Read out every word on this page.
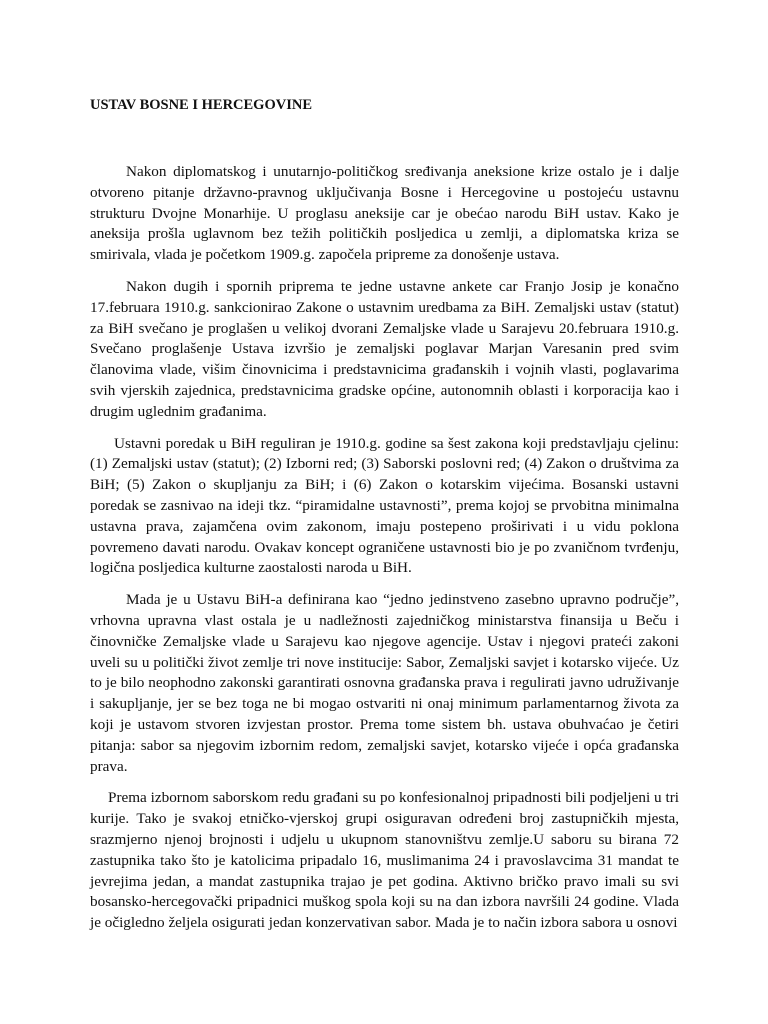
USTAV BOSNE I HERCEGOVINE

Nakon diplomatskog i unutarnjo-političkog sređivanja aneksione krize ostalo je i dalje otvoreno pitanje državno-pravnog uključivanja Bosne i Hercegovine u postojeću ustavnu strukturu Dvojne Monarhije. U proglasu aneksije car je obećao narodu BiH ustav. Kako je aneksija prošla uglavnom bez težih političkih posljedica u zemlji, a diplomatska kriza se smirivala, vlada je početkom 1909.g. započela pripreme za donošenje ustava.

Nakon dugih i spornih priprema te jedne ustavne ankete car Franjo Josip je konačno 17.februara 1910.g. sankcionirao Zakone o ustavnim uredbama za BiH. Zemaljski ustav (statut) za BiH svečano je proglašen u velikoj dvorani Zemaljske vlade u Sarajevu 20.februara 1910.g. Svečano proglašenje Ustava izvršio je zemaljski poglavar Marjan Varesanin pred svim članovima vlade, višim činovnicima i predstavnicima građanskih i vojnih vlasti, poglavarima svih vjerskih zajednica, predstavnicima gradske općine, autonomnih oblasti i korporacija kao i drugim uglednim građanima.

Ustavni poredak u BiH reguliran je 1910.g. godine sa šest zakona koji predstavljaju cjelinu: (1) Zemaljski ustav (statut); (2) Izborni red; (3) Saborski poslovni red; (4) Zakon o društvima za BiH; (5) Zakon o skupljanju za BiH; i (6) Zakon o kotarskim vijećima. Bosanski ustavni poredak se zasnivao na ideji tkz. “piramidalne ustavnosti”, prema kojoj se prvobitna minimalna ustavna prava, zajamčena ovim zakonom, imaju postepeno proširivati i u vidu poklona povremeno davati narodu. Ovakav koncept ograničene ustavnosti bio je po zvaničnom tvrđenju, logična posljedica kulturne zaostalosti naroda u BiH.

Mada je u Ustavu BiH-a definirana kao “jedno jedinstveno zasebno upravno područje”, vrhovna upravna vlast ostala je u nadležnosti zajedničkog ministarstva finansija u Beču i činovničke Zemaljske vlade u Sarajevu kao njegove agencije. Ustav i njegovi prateći zakoni uveli su u politički život zemlje tri nove institucije: Sabor, Zemaljski savjet i kotarsko vijeće. Uz to je bilo neophodno zakonski garantirati osnovna građanska prava i regulirati javno udruživanje i sakupljanje, jer se bez toga ne bi mogao ostvariti ni onaj minimum parlamentarnog života za koji je ustavom stvoren izvjestan prostor. Prema tome sistem bh. ustava obuhvaćao je četiri pitanja: sabor sa njegovim izbornim redom, zemaljski savjet, kotarsko vijeće i opća građanska prava.

Prema izbornom saborskom redu građani su po konfesionalnoj pripadnosti bili podjeljeni u tri kurije. Tako je svakoj etničko-vjerskoj grupi osiguravan određeni broj zastupničkih mjesta, srazmjerno njenoj brojnosti i udjelu u ukupnom stanovništvu zemlje.U saboru su birana 72 zastupnika tako što je katolicima pripadalo 16, muslimanima 24 i pravoslavcima 31 mandat te jevrejima jedan, a mandat zastupnika trajao je pet godina. Aktivno bričko pravo imali su svi bosansko-hercegovački pripadnici muškog spola koji su na dan izbora navršili 24 godine. Vlada je očigledno željela osigurati jedan konzervativan sabor. Mada je to način izbora sabora u osnovi
